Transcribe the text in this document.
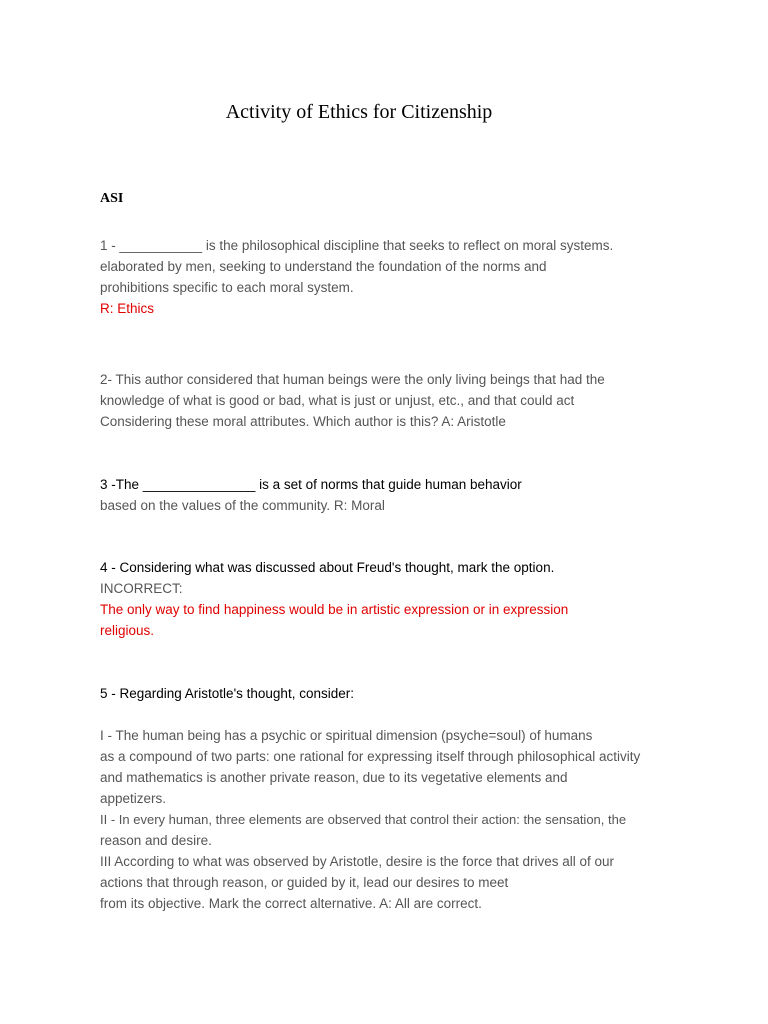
Activity of Ethics for Citizenship
ASI

1 - ___________ is the philosophical discipline that seeks to reflect on moral systems.

elaborated by men, seeking to understand the foundation of the norms and

prohibitions specific to each moral system.

R: Ethics

2- This author considered that human beings were the only living beings that had the

knowledge of what is good or bad, what is just or unjust, etc., and that could act

Considering these moral attributes. Which author is this? A: Aristotle

3 -The _______________ is a set of norms that guide human behavior

based on the values of the community. R: Moral

4 - Considering what was discussed about Freud's thought, mark the option.

INCORRECT:

The only way to find happiness would be in artistic expression or in expression

religious.

5 - Regarding Aristotle's thought, consider:

I - The human being has a psychic or spiritual dimension (psyche=soul) of humans

as a compound of two parts: one rational for expressing itself through philosophical activity

and mathematics is another private reason, due to its vegetative elements and

appetizers.

II - In every human, three elements are observed that control their action: the sensation, the

reason and desire.

III According to what was observed by Aristotle, desire is the force that drives all of our

actions that through reason, or guided by it, lead our desires to meet

from its objective. Mark the correct alternative. A: All are correct.
